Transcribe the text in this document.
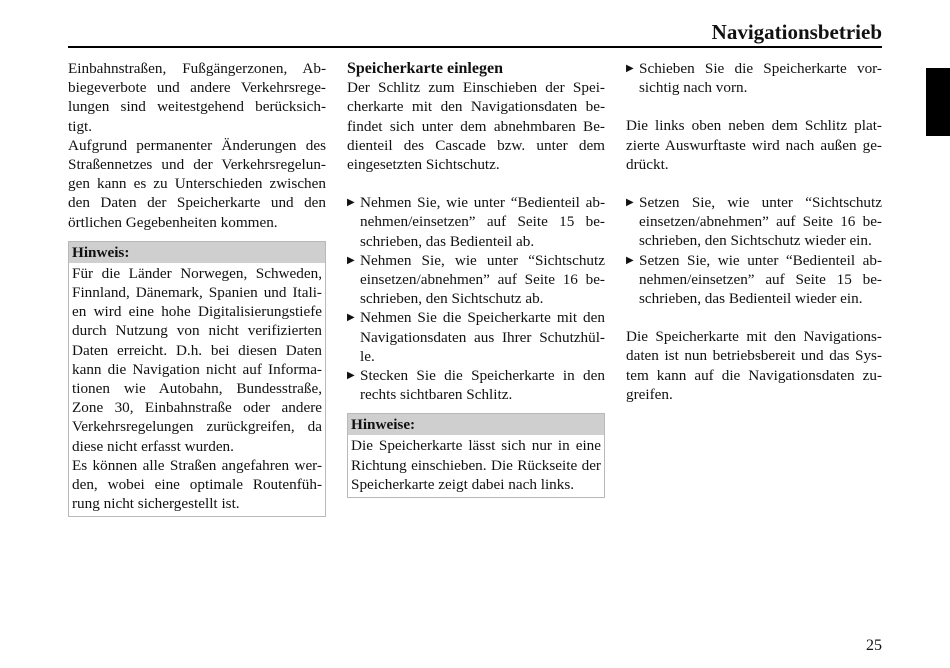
Navigationsbetrieb

Einbahnstraßen, Fußgängerzonen, Ab-biegeverbote und andere Verkehrsrege-lungen sind weitestgehend berücksich-tigt.

Aufgrund permanenter Änderungen des Straßennetzes und der Verkehrsregelun-gen kann es zu Unterschieden zwischen den Daten der Speicherkarte und den örtlichen Gegebenheiten kommen.

Hinweis:

Für die Länder Norwegen, Schweden, Finnland, Dänemark, Spanien und Itali-en wird eine hohe Digitalisierungstiefe durch Nutzung von nicht verifizierten Daten erreicht. D.h. bei diesen Daten kann die Navigation nicht auf Informa-tionen wie Autobahn, Bundesstraße, Zone 30, Einbahnstraße oder andere Verkehrsregelungen zurückgreifen, da diese nicht erfasst wurden.

Es können alle Straßen angefahren wer-den, wobei eine optimale Routenfüh-rung nicht sichergestellt ist.

Speicherkarte einlegen

Der Schlitz zum Einschieben der Spei-cherkarte mit den Navigationsdaten be-findet sich unter dem abnehmbaren Be-dienteil des Cascade bzw. unter dem eingesetzten Sichtschutz.

▶ Nehmen Sie, wie unter “Bedienteil ab-nehmen/einsetzen” auf Seite 15 be-schrieben, das Bedienteil ab.
▶ Nehmen Sie, wie unter “Sichtschutz einsetzen/abnehmen” auf Seite 16 be-schrieben, den Sichtschutz ab.
▶ Nehmen Sie die Speicherkarte mit den Navigationsdaten aus Ihrer Schutzhül-le.
▶ Stecken Sie die Speicherkarte in den rechts sichtbaren Schlitz.
Hinweise:

Die Speicherkarte lässt sich nur in eine Richtung einschieben. Die Rückseite der Speicherkarte zeigt dabei nach links.

▶ Schieben Sie die Speicherkarte vor-sichtig nach vorn.

Die links oben neben dem Schlitz plat-zierte Auswurftaste wird nach außen ge-drückt.

▶ Setzen Sie, wie unter “Sichtschutz einsetzen/abnehmen” auf Seite 16 be-schrieben, den Sichtschutz wieder ein.
▶ Setzen Sie, wie unter “Bedienteil ab-nehmen/einsetzen” auf Seite 15 be-schrieben, das Bedienteil wieder ein.

Die Speicherkarte mit den Navigations-daten ist nun betriebsbereit und das Sys-tem kann auf die Navigationsdaten zu-greifen.

25
